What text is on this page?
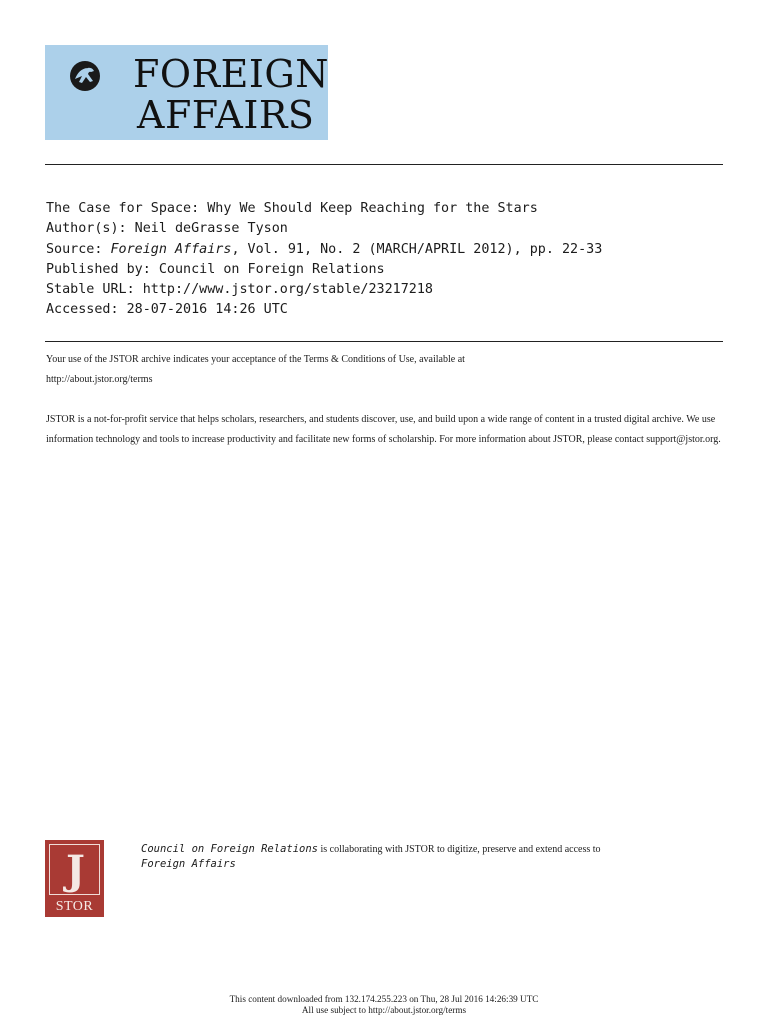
FOREIGN
AFFAIRS
The Case for Space: Why We Should Keep Reaching for the Stars
Author(s): Neil deGrasse Tyson
Source: Foreign Affairs, Vol. 91, No. 2 (MARCH/APRIL 2012), pp. 22-33
Published by: Council on Foreign Relations
Stable URL: http://www.jstor.org/stable/23217218
Accessed: 28-07-2016 14:26 UTC

Your use of the JSTOR archive indicates your acceptance of the Terms & Conditions of Use, available at

http://about.jstor.org/terms

JSTOR is a not-for-profit service that helps scholars, researchers, and students discover, use, and build upon a wide range of content in a trusted digital archive. We use information technology and tools to increase productivity and facilitate new forms of scholarship. For more information about JSTOR, please contact support@jstor.org.

J
STOR
Council on Foreign Relations is collaborating with JSTOR to digitize, preserve and extend access to
Foreign Affairs
This content downloaded from 132.174.255.223 on Thu, 28 Jul 2016 14:26:39 UTC
All use subject to http://about.jstor.org/terms
